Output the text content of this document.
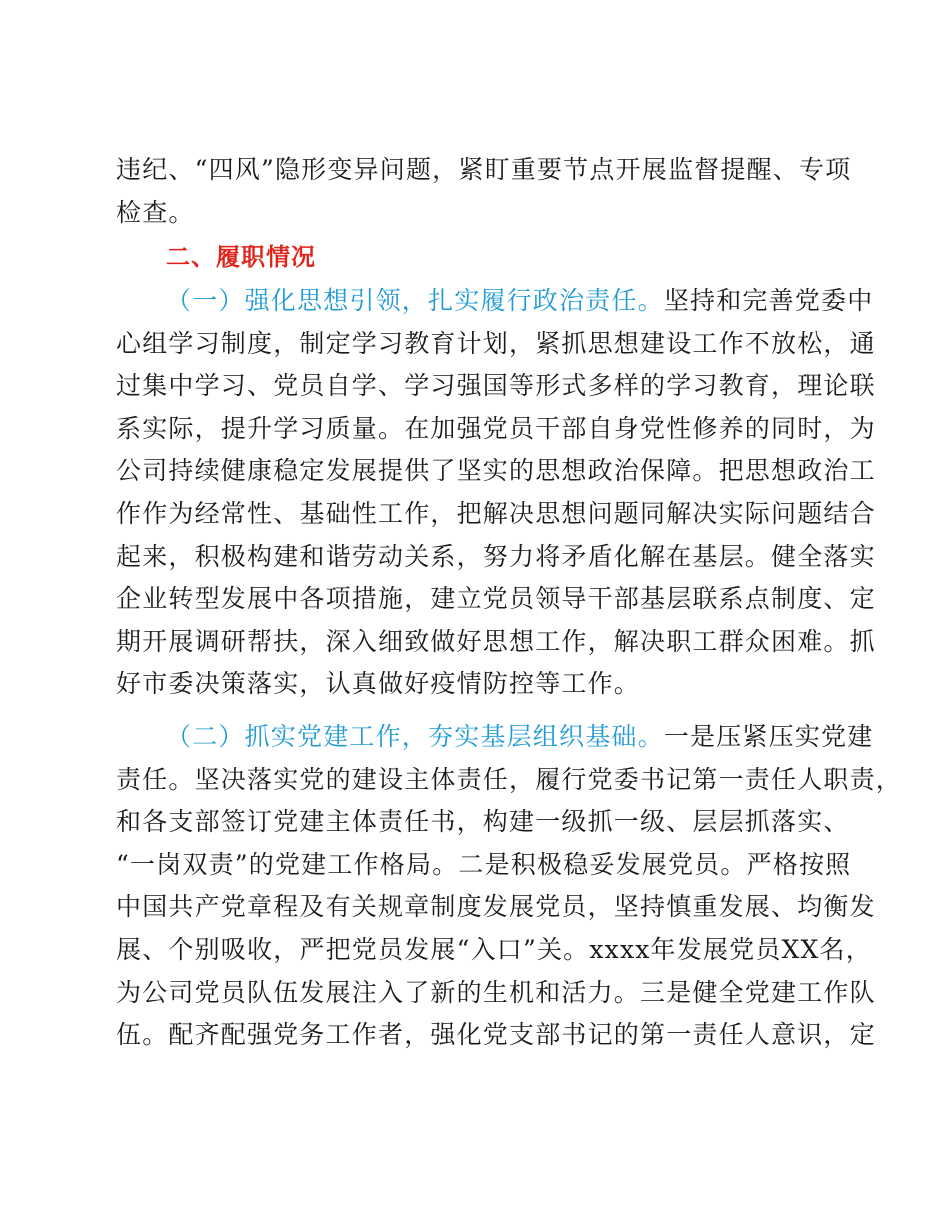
违纪、“四风”隐形变异问题，紧盯重要节点开展监督提醒、专项
检查。
二、履职情况
（一）强化思想引领，扎实履行政治责任。坚持和完善党委中
心组学习制度，制定学习教育计划，紧抓思想建设工作不放松，通
过集中学习、党员自学、学习强国等形式多样的学习教育，理论联
系实际，提升学习质量。在加强党员干部自身党性修养的同时，为
公司持续健康稳定发展提供了坚实的思想政治保障。把思想政治工
作作为经常性、基础性工作，把解决思想问题同解决实际问题结合
起来，积极构建和谐劳动关系，努力将矛盾化解在基层。健全落实
企业转型发展中各项措施，建立党员领导干部基层联系点制度、定
期开展调研帮扶，深入细致做好思想工作，解决职工群众困难。抓
好市委决策落实，认真做好疫情防控等工作。
（二）抓实党建工作，夯实基层组织基础。一是压紧压实党建
责任。坚决落实党的建设主体责任，履行党委书记第一责任人职责，
和各支部签订党建主体责任书，构建一级抓一级、层层抓落实、
“一岗双责”的党建工作格局。二是积极稳妥发展党员。严格按照
中国共产党章程及有关规章制度发展党员，坚持慎重发展、均衡发
展、个别吸收，严把党员发展“入口”关。xxxx年发展党员XX名，
为公司党员队伍发展注入了新的生机和活力。三是健全党建工作队
伍。配齐配强党务工作者，强化党支部书记的第一责任人意识，定
